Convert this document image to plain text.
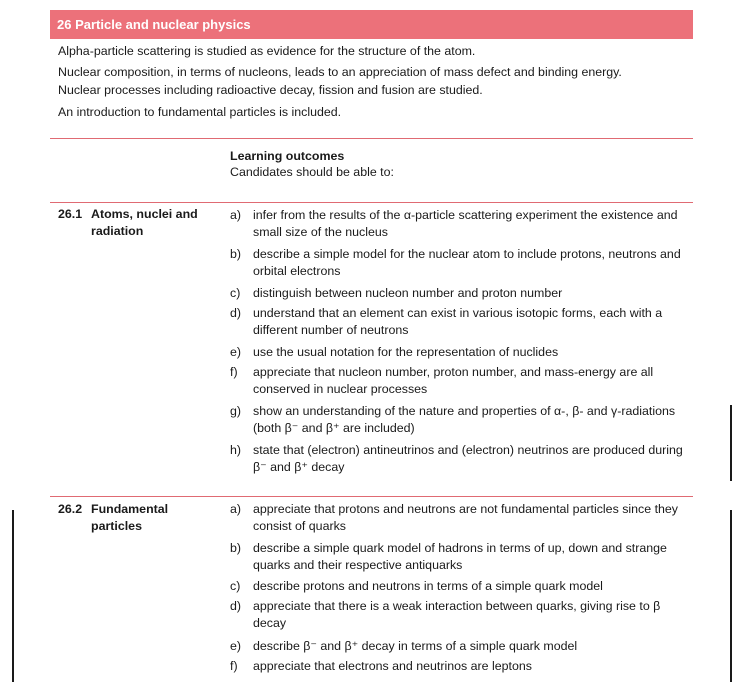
26 Particle and nuclear physics
Alpha-particle scattering is studied as evidence for the structure of the atom.
Nuclear composition, in terms of nucleons, leads to an appreciation of mass defect and binding energy.
Nuclear processes including radioactive decay, fission and fusion are studied.
An introduction to fundamental particles is included.
Learning outcomes
Candidates should be able to:
26.1 Atoms, nuclei and
radiation
a) infer from the results of the α-particle scattering experiment the existence and small size of the nucleus
b) describe a simple model for the nuclear atom to include protons, neutrons and orbital electrons
c) distinguish between nucleon number and proton number
d) understand that an element can exist in various isotopic forms, each with a different number of neutrons
e) use the usual notation for the representation of nuclides
f) appreciate that nucleon number, proton number, and mass-energy are all conserved in nuclear processes
g) show an understanding of the nature and properties of α-, β- and γ-radiations (both β⁻ and β⁺ are included)
h) state that (electron) antineutrinos and (electron) neutrinos are produced during β⁻ and β⁺ decay
26.2 Fundamental
particles
a) appreciate that protons and neutrons are not fundamental particles since they consist of quarks
b) describe a simple quark model of hadrons in terms of up, down and strange quarks and their respective antiquarks
c) describe protons and neutrons in terms of a simple quark model
d) appreciate that there is a weak interaction between quarks, giving rise to β decay
e) describe β⁻ and β⁺ decay in terms of a simple quark model
f) appreciate that electrons and neutrinos are leptons
